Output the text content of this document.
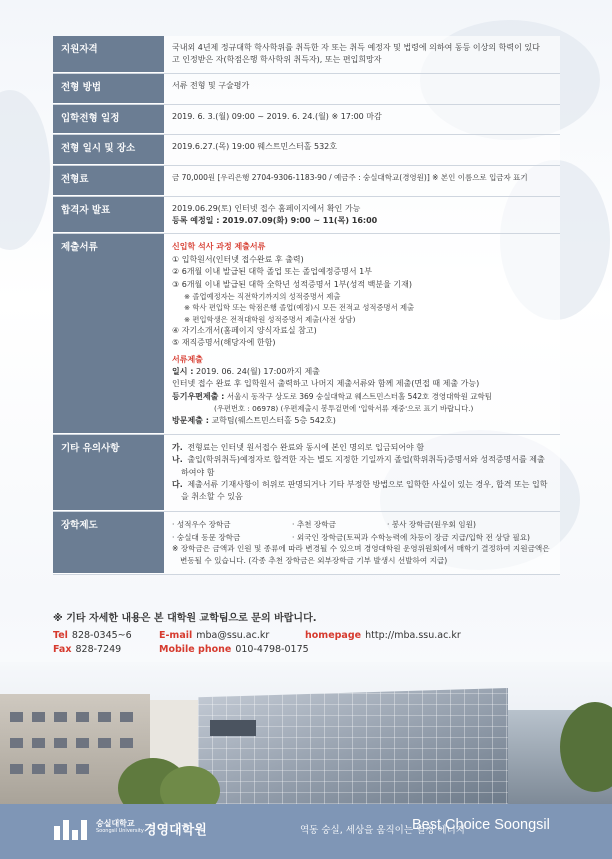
지원자격	국내외 4년제 정규대학 학사학위를 취득한 자 또는 취득 예정자 및 법령에 의하여 동등 이상의 학력이 있다

고 인정받은 자(학점은행 학사학위 취득자), 또는 편입희망자

전형 방법	서류 전형 및 구술평가

입학전형 일정	2019. 6. 3.(월) 09:00 ~ 2019. 6. 24.(월) ※ 17:00 마감

전형 일시 및 장소	2019.6.27.(목) 19:00 웨스트민스터홀 532호

전형료	금 70,000원 [우리은행 2704-9306-1183-90 / 예금주 : 숭실대학교(경영원)] ※ 본인 이름으로 입금자 표기

합격자 발표	2019.06.29(토) 인터넷 접수 홈페이지에서 확인 가능

등록 예정일 : 2019.07.09(화) 9:00 ~ 11(목) 16:00

제출서류	신입학 석사 과정 제출서류

① 입학원서(인터넷 접수완료 후 출력)

② 6개월 이내 발급된 대학 졸업 또는 졸업예정증명서 1부

③ 6개월 이내 발급된 대학 全학년 성적증명서 1부(성적 백분율 기재)

※ 졸업예정자는 직전학기까지의 성적증명서 제출

※ 학사 편입학 또는 학점은행 졸업(예정)시 모든 전적교 성적증명서 제출

※ 편입학생은 전적대학원 성적증명서 제출(사전 상담)

④ 자기소개서(홈페이지 양식자료실 참고)

⑤ 재직증명서(해당자에 한함)

서류제출

일시 : 2019. 06. 24(월) 17:00까지 제출

인터넷 접수 완료 후 입학원서 출력하고 나머지 제출서류와 함께 제출(면접 때 제출 가능)

등기우편제출 : 서울시 동작구 상도로 369 숭실대학교 웨스트민스터홀 542호 경영대학원 교학팀

(우편번호 : 06978) (우편제출시 봉투겉면에 '입학서류 재중'으로 표기 바랍니다.)

방문제출 : 교학팀(웨스트민스터홀 5층 542호)

기타 유의사항	가. 전형료는 인터넷 원서접수 완료와 동시에 본인 명의로 입금되어야 함

나. 출입(학위취득)예정자로 합격한 자는 별도 지정한 기일까지 졸업(학위취득)증명서와 성적증명서를 제출하여야 함

다. 제출서류 기재사항이 허위로 판명되거나 기타 부정한 방법으로 입학한 사실이 있는 경우, 합격 또는 입학을 취소할 수 있음

장학제도	· 성적우수 장학금	· 추천 장학금	· 봉사 장학금(원우회 임원)
· 숭실대 동문 장학금	· 외국인 장학금(토픽과 수학능력에 차등이 장금 지급/입학 전 상담 필요)

※ 장학금은 금액과 인원 및 종류에 따라 변경될 수 있으며 경영대학원 운영위원회에서 매학기 결정하여 지원금액은 변동될 수 있습니다. (각종 추천 장학금은 외부장학금 기부 발생시 선발하여 지급)

※ 기타 자세한 내용은 본 대학원 교학팀으로 문의 바랍니다.

Tel 828-0345~6	E-mail mba@ssu.ac.kr	homepage http://mba.ssu.ac.kr
Fax 828-7249	Mobile phone 010-4798-0175
숭실대학교
Soongsil University 경영대학원	역동 숭실, 세상을 움직이는 열정 에너지
Best Choice Soongsil
